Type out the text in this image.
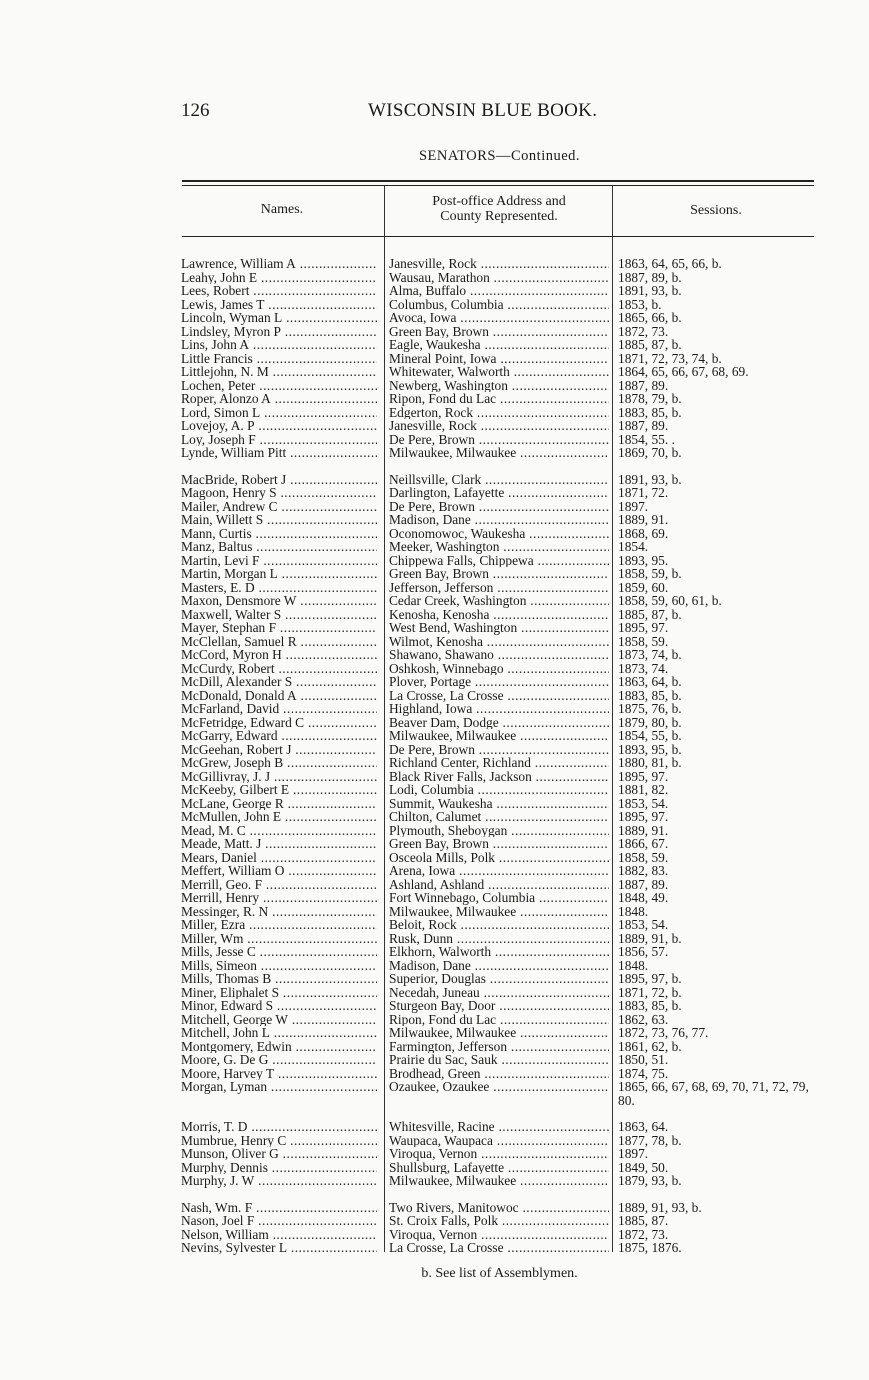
126	WISCONSIN BLUE BOOK.
SENATORS—Continued.
Names.
Post-office Address and
County Represented.	Sessions.
Lawrence, William A .....	Janesville, Rock .....	1863, 64, 65, 66, b.
Leahy, John E .....	Wausau, Marathon .....	1887, 89, b.
Lees, Robert .....	Alma, Buffalo .....	1891, 93, b.
Lewis, James T .....	Columbus, Columbia .....	1853, b.
Lincoln, Wyman L .....	Avoca, Iowa .....	1865, 66, b.
Lindsley, Myron P .....	Green Bay, Brown .....	1872, 73.
Lins, John A .....	Eagle, Waukesha .....	1885, 87, b.
Little Francis .....	Mineral Point, Iowa .....	1871, 72, 73, 74, b.
Littlejohn, N. M .....	Whitewater, Walworth .....	1864, 65, 66, 67, 68, 69.
Lochen, Peter .....	Newberg, Washington .....	1887, 89.
Roper, Alonzo A .....	Ripon, Fond du Lac .....	1878, 79, b.
Lord, Simon L .....	Edgerton, Rock .....	1883, 85, b.
Lovejoy, A. P .....	Janesville, Rock .....	1887, 89.
Loy, Joseph F .....	De Pere, Brown .....	1854, 55. .
Lynde, William Pitt .....	Milwaukee, Milwaukee .....	1869, 70, b.
MacBride, Robert J .....	Neillsville, Clark .....	1891, 93, b.
Magoon, Henry S .....	Darlington, Lafayette .....	1871, 72.
Mailer, Andrew C .....	De Pere, Brown .....	1897.
Main, Willett S .....	Madison, Dane .....	1889, 91.
Mann, Curtis .....	Oconomowoc, Waukesha .....	1868, 69.
Manz, Baltus .....	Meeker, Washington .....	1854.
Martin, Levi F .....	Chippewa Falls, Chippewa .....	1893, 95.
Martin, Morgan L .....	Green Bay, Brown .....	1858, 59, b.
Masters, E. D .....	Jefferson, Jefferson .....	1859, 60.
Maxon, Densmore W .....	Cedar Creek, Washington .....	1858, 59, 60, 61, b.
Maxwell, Walter S .....	Kenosha, Kenosha .....	1885, 87, b.
Mayer, Stephan F .....	West Bend, Washington .....	1895, 97.
McClellan, Samuel R .....	Wilmot, Kenosha .....	1858, 59.
McCord, Myron H .....	Shawano, Shawano .....	1873, 74, b.
McCurdy, Robert .....	Oshkosh, Winnebago .....	1873, 74.
McDill, Alexander S .....	Plover, Portage .....	1863, 64, b.
McDonald, Donald A .....	La Crosse, La Crosse .....	1883, 85, b.
McFarland, David .....	Highland, Iowa .....	1875, 76, b.
McFetridge, Edward C .....	Beaver Dam, Dodge .....	1879, 80, b.
McGarry, Edward .....	Milwaukee, Milwaukee .....	1854, 55, b.
McGeehan, Robert J .....	De Pere, Brown .....	1893, 95, b.
McGrew, Joseph B .....	Richland Center, Richland .....	1880, 81, b.
McGillivray, J. J .....	Black River Falls, Jackson .....	1895, 97.
McKeeby, Gilbert E .....	Lodi, Columbia .....	1881, 82.
McLane, George R .....	Summit, Waukesha .....	1853, 54.
McMullen, John E .....	Chilton, Calumet .....	1895, 97.
Mead, M. C .....	Plymouth, Sheboygan .....	1889, 91.
Meade, Matt. J .....	Green Bay, Brown .....	1866, 67.
Mears, Daniel .....	Osceola Mills, Polk .....	1858, 59.
Meffert, William O .....	Arena, Iowa .....	1882, 83.
Merrill, Geo. F .....	Ashland, Ashland .....	1887, 89.
Merrill, Henry .....	Fort Winnebago, Columbia .....	1848, 49.
Messinger, R. N .....	Milwaukee, Milwaukee .....	1848.
Miller, Ezra .....	Beloit, Rock .....	1853, 54.
Miller, Wm .....	Rusk, Dunn .....	1889, 91, b.
Mills, Jesse C .....	Elkhorn, Walworth .....	1856, 57.
Mills, Simeon .....	Madison, Dane .....	1848.
Mills, Thomas B .....	Superior, Douglas .....	1895, 97, b.
Miner, Eliphalet S .....	Necedah, Juneau .....	1871, 72, b.
Minor, Edward S .....	Sturgeon Bay, Door .....	1883, 85, b.
Mitchell, George W .....	Ripon, Fond du Lac .....	1862, 63.
Mitchell, John L .....	Milwaukee, Milwaukee .....	1872, 73, 76, 77.
Montgomery, Edwin .....	Farmington, Jefferson .....	1861, 62, b.
Moore, G. De G .....	Prairie du Sac, Sauk .....	1850, 51.
Moore, Harvey T .....	Brodhead, Green .....	1874, 75.
Morgan, Lyman .....	Ozaukee, Ozaukee .....	1865, 66, 67, 68, 69, 70, 71, 72, 79, 80.
Morris, T. D .....	Whitesville, Racine .....	1863, 64.
Mumbrue, Henry C .....	Waupaca, Waupaca .....	1877, 78, b.
Munson, Oliver G .....	Viroqua, Vernon .....	1897.
Murphy, Dennis .....	Shullsburg, Lafayette .....	1849, 50.
Murphy, J. W .....	Milwaukee, Milwaukee .....	1879, 93, b.
Nash, Wm. F .....	Two Rivers, Manitowoc .....	1889, 91, 93, b.
Nason, Joel F .....	St. Croix Falls, Polk .....	1885, 87.
Nelson, William .....	Viroqua, Vernon .....	1872, 73.
Nevins, Sylvester L .....	La Crosse, La Crosse .....	1875, 1876.
b. See list of Assemblymen.
